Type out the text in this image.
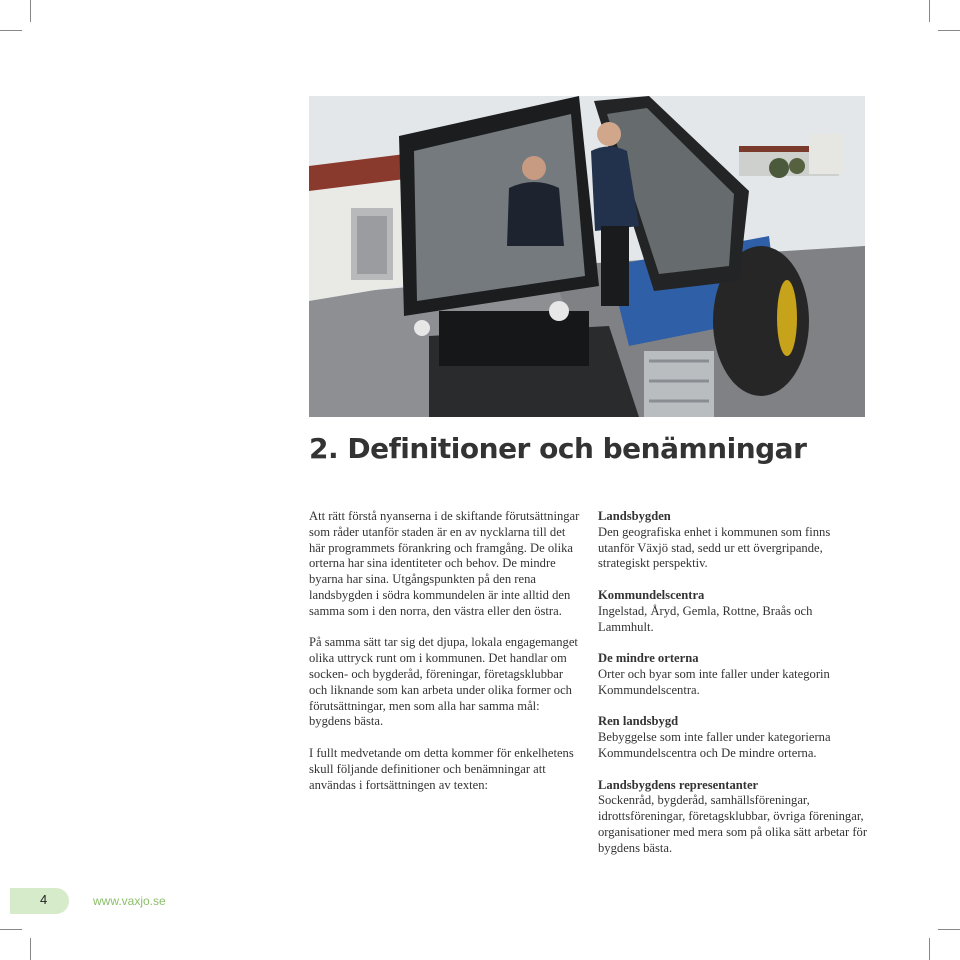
2. Definitioner och benämningar

Att rätt förstå nyanserna i de skiftande förutsättningar som råder utanför staden är en av nycklarna till det här programmets förankring och framgång. De olika orterna har sina identiteter och behov. De mindre byarna har sina. Utgångspunkten på den rena landsbygden i södra kommundelen är inte alltid den samma som i den norra, den västra eller den östra.

På samma sätt tar sig det djupa, lokala engagemanget olika uttryck runt om i kommunen. Det handlar om socken- och bygderåd, föreningar, företagsklubbar och liknande som kan arbeta under olika former och förutsättningar, men som alla har samma mål: bygdens bästa.

I fullt medvetande om detta kommer för enkelhetens skull följande definitioner och benämningar att användas i fortsättningen av texten:

Landsbygden
Den geografiska enhet i kommunen som finns utanför Växjö stad, sedd ur ett övergripande, strategiskt perspektiv.
Kommundelscentra
Ingelstad, Åryd, Gemla, Rottne, Braås och Lammhult.
De mindre orterna
Orter och byar som inte faller under kategorin Kommundelscentra.
Ren landsbygd
Bebyggelse som inte faller under kategorierna Kommundelscentra och De mindre orterna.
Landsbygdens representanter
Sockenråd, bygderåd, samhällsföreningar, idrottsföreningar, företagsklubbar, övriga föreningar, organisationer med mera som på olika sätt arbetar för bygdens bästa.
4	www.vaxjo.se
